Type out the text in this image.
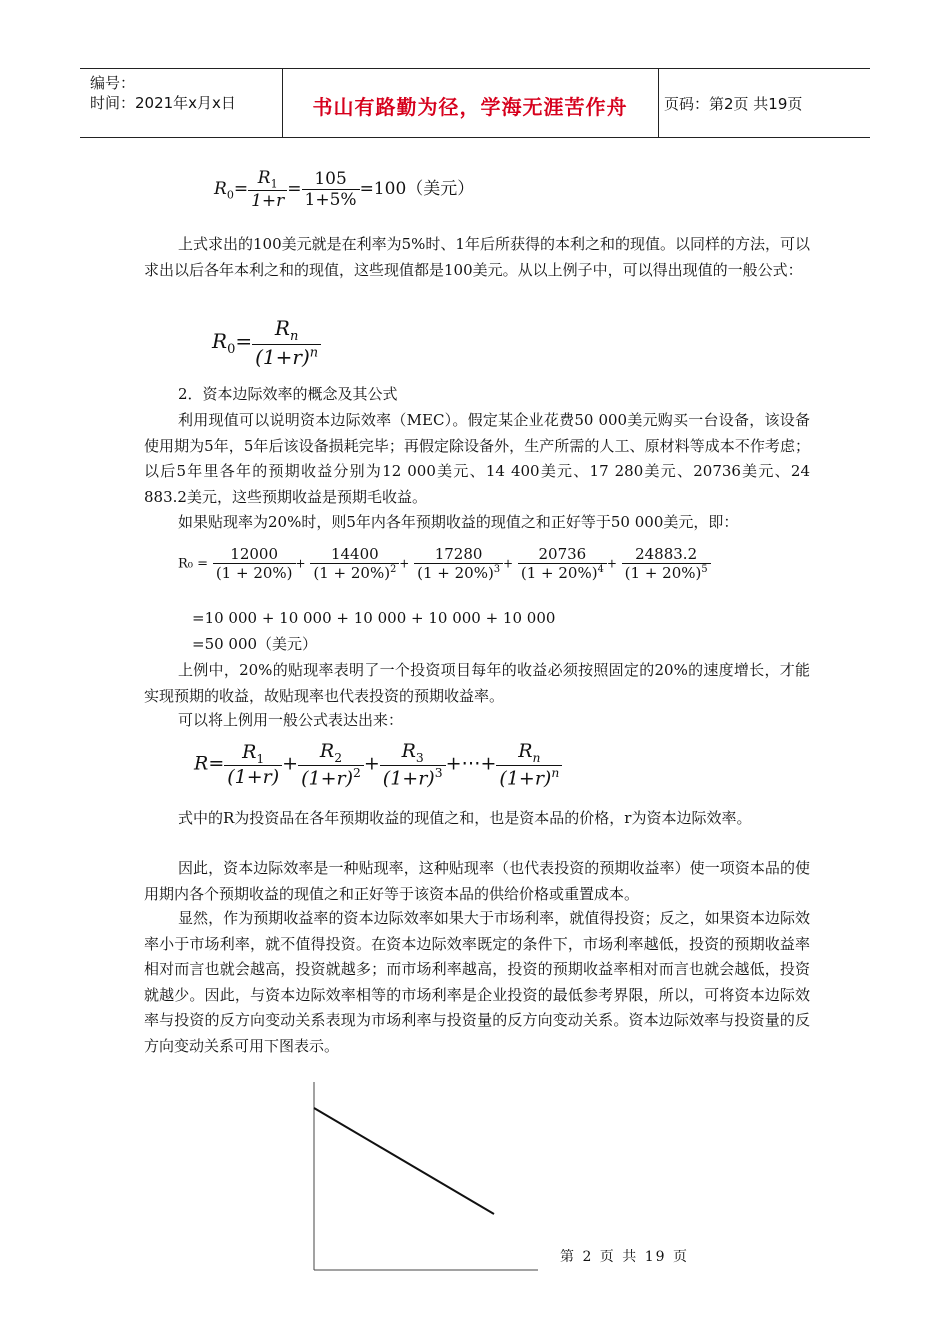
编号：
时间：2021年x月x日	书山有路勤为径，学海无涯苦作舟	页码：第2页 共19页
$R_0= \frac{R_1}{1+r} = \frac{105}{1+5\%} =100$（美元）
上式求出的100美元就是在利率为5%时、1年后所获得的本利之和的现值。以同样的方法，可以求出以后各年本利之和的现值，这些现值都是100美元。从以上例子中，可以得出现值的一般公式：
$R_0= \frac{R_n}{(1+r)^n}$
2．资本边际效率的概念及其公式
利用现值可以说明资本边际效率（MEC）。假定某企业花费50 000美元购买一台设备，该设备使用期为5年，5年后该设备损耗完毕；再假定除设备外，生产所需的人工、原材料等成本不作考虑；以后5年里各年的预期收益分别为12 000美元、14 400美元、17 280美元、20736美元、24 883.2美元，这些预期收益是预期毛收益。
如果贴现率为20%时，则5年内各年预期收益的现值之和正好等于50 000美元，即：
$R_0 = \frac{12000}{(1 + 20\%)} + \frac{14400}{(1 + 20\%)^2} + \frac{17280}{(1 + 20\%)^3} + \frac{20736}{(1 + 20\%)^4} + \frac{24883.2}{(1 + 20\%)^5}$
=10 000 + 10 000 + 10 000 + 10 000 + 10 000
=50 000（美元）
上例中，20%的贴现率表明了一个投资项目每年的收益必须按照固定的20%的速度增长，才能实现预期的收益，故贴现率也代表投资的预期收益率。
可以将上例用一般公式表达出来：
$R= \frac{R_1}{(1+r)} + \frac{R_2}{(1+r)^2} + \frac{R_3}{(1+r)^3}$ +⋯+ $\frac{R_n}{(1+r)^n}$
式中的R为投资品在各年预期收益的现值之和，也是资本品的价格，r为资本边际效率。
因此，资本边际效率是一种贴现率，这种贴现率（也代表投资的预期收益率）使一项资本品的使用期内各个预期收益的现值之和正好等于该资本品的供给价格或重置成本。
显然，作为预期收益率的资本边际效率如果大于市场利率，就值得投资；反之，如果资本边际效率小于市场利率，就不值得投资。在资本边际效率既定的条件下，市场利率越低，投资的预期收益率相对而言也就会越高，投资就越多；而市场利率越高，投资的预期收益率相对而言也就会越低，投资就越少。因此，与资本边际效率相等的市场利率是企业投资的最低参考界限，所以，可将资本边际效率与投资的反方向变动关系表现为市场利率与投资量的反方向变动关系。资本边际效率与投资量的反方向变动关系可用下图表示。
第 2 页 共 19 页
